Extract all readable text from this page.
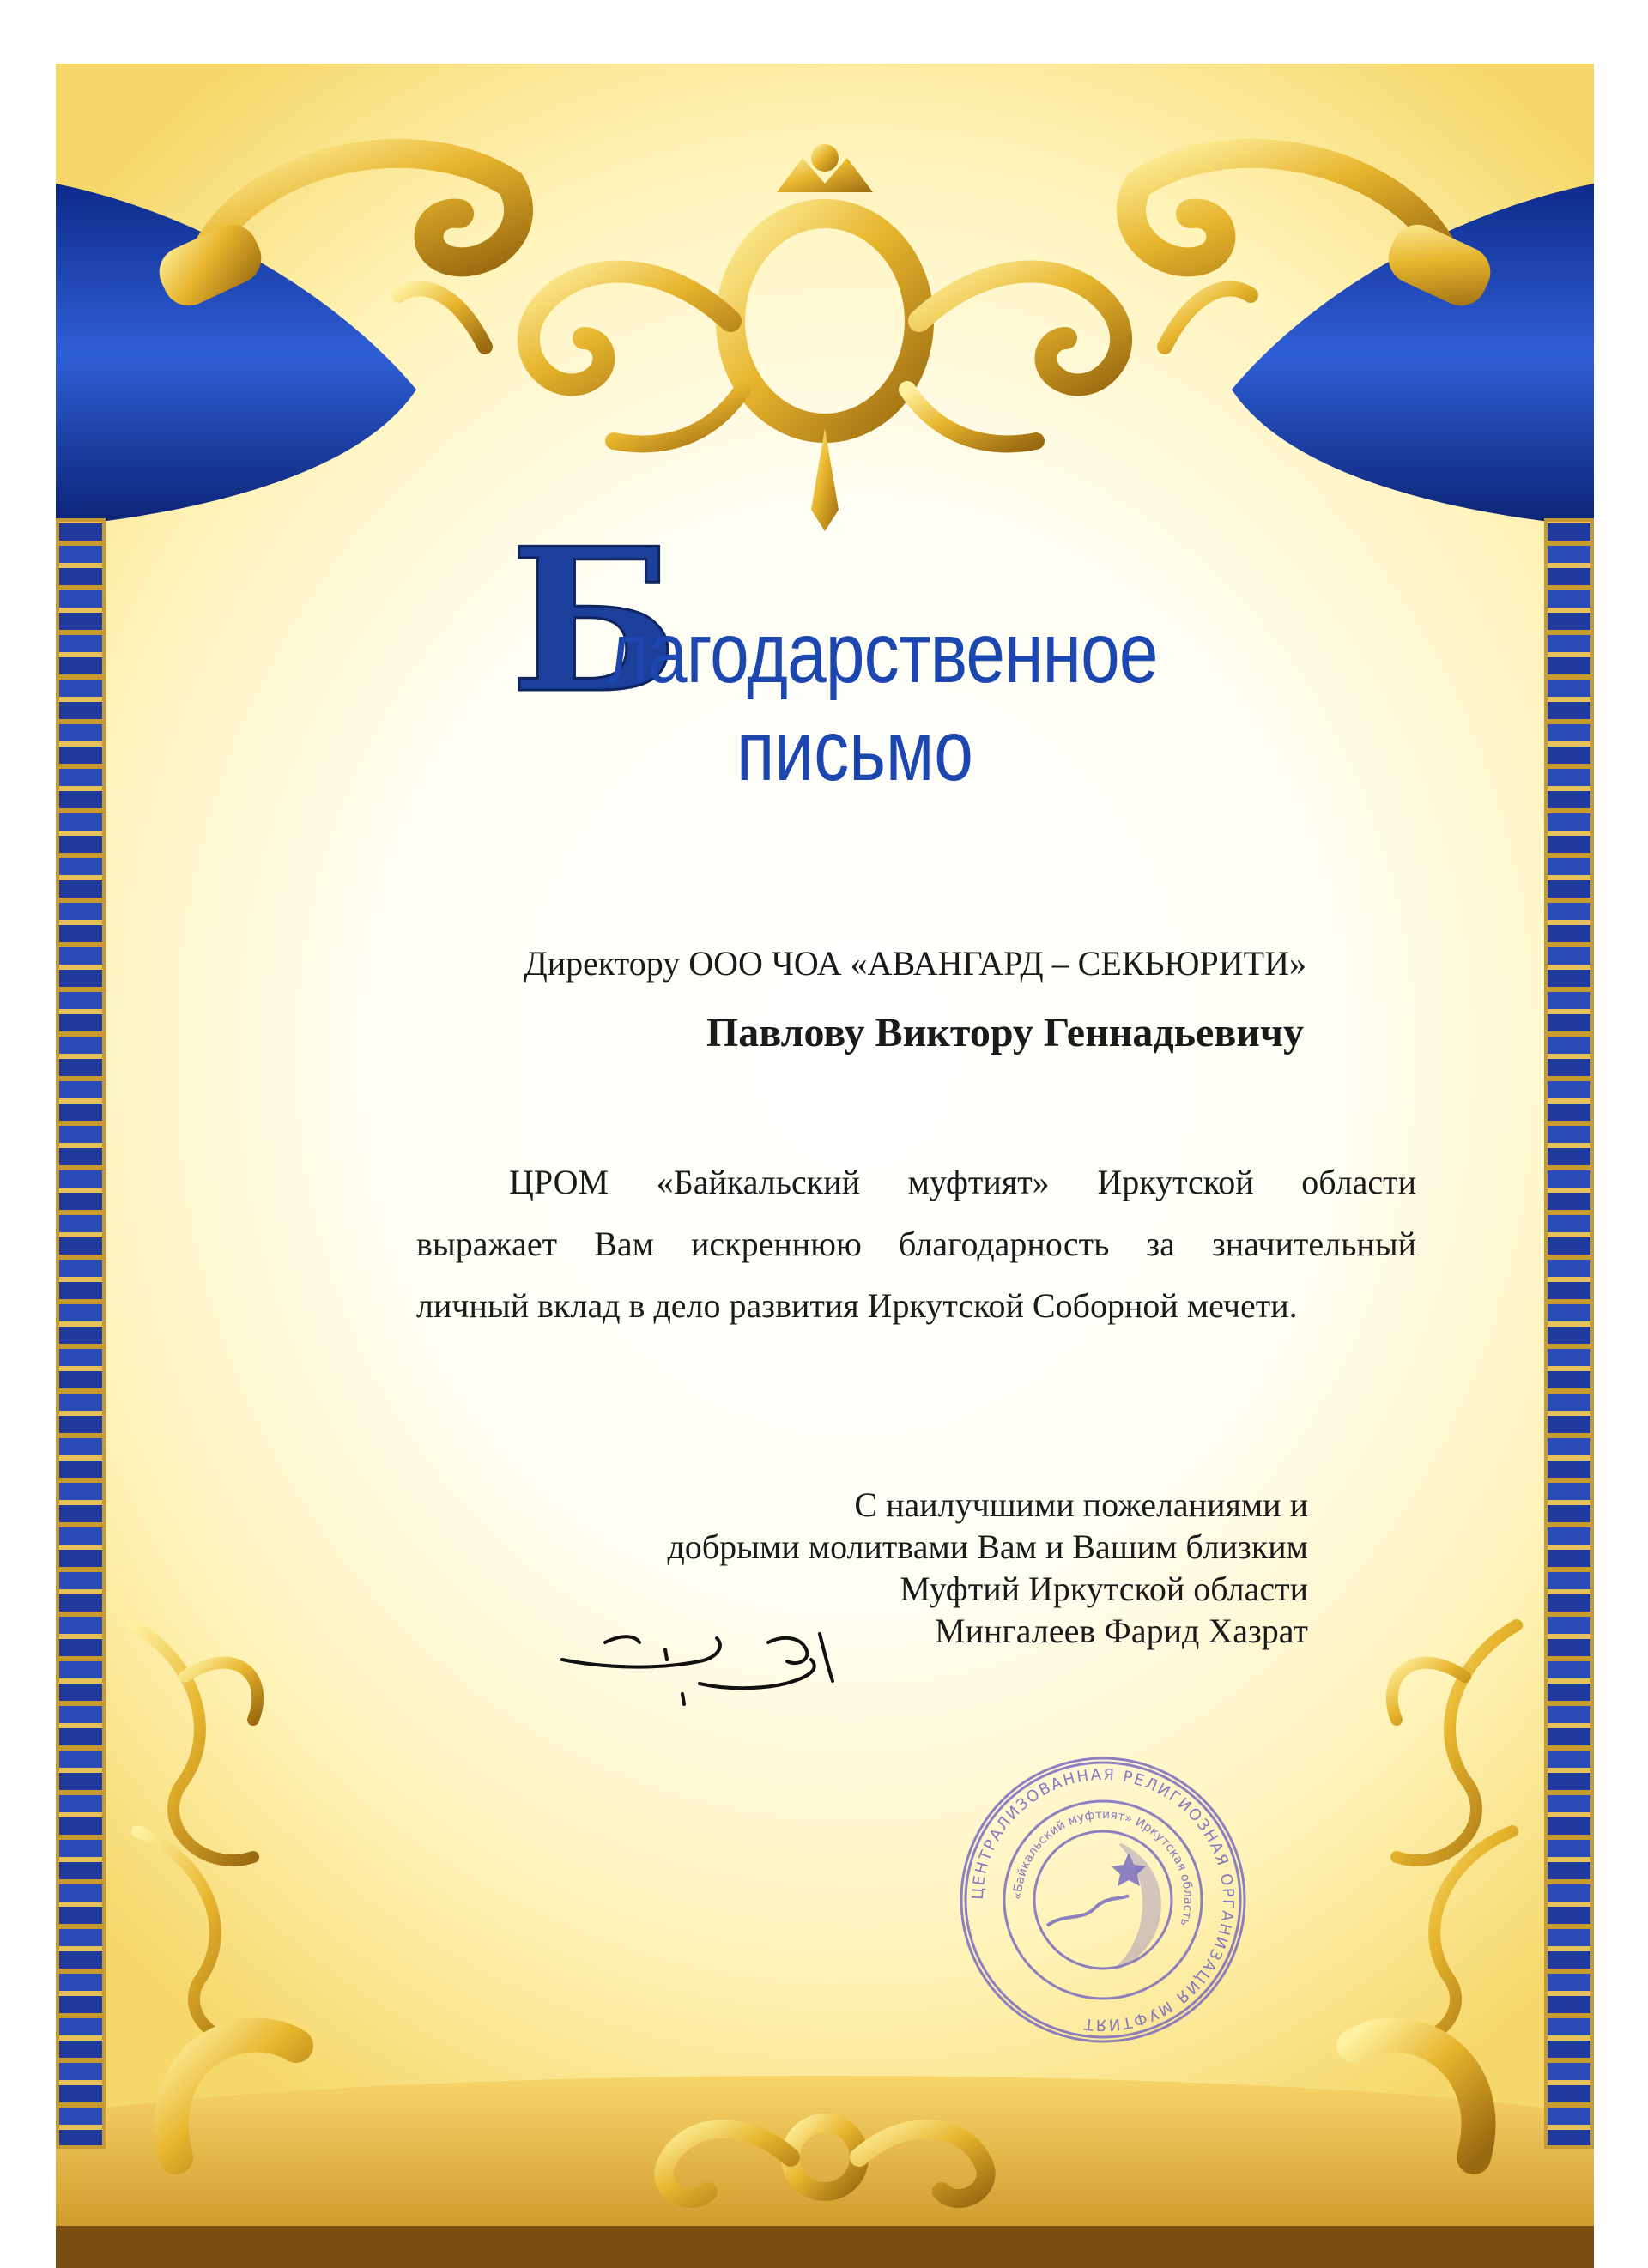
Б
лагодарственное
письмо
Директору ООО ЧОА «АВАНГАРД – СЕКЬЮРИТИ»
Павлову Виктору Геннадьевичу
ЦРОМ «Байкальский муфтият» Иркутской области
выражает Вам искреннюю благодарность за значительный
личный вклад в дело развития Иркутской Соборной мечети.
С наилучшими пожеланиями и
добрыми молитвами Вам и Вашим близким
Муфтий Иркутской области
Мингалеев Фарид Хазрат
ЦЕНТРАЛИЗОВАННАЯ РЕЛИГИОЗНАЯ ОРГАНИЗАЦИЯ МУФТИЯТ
«Байкальский муфтият» Иркутская область
